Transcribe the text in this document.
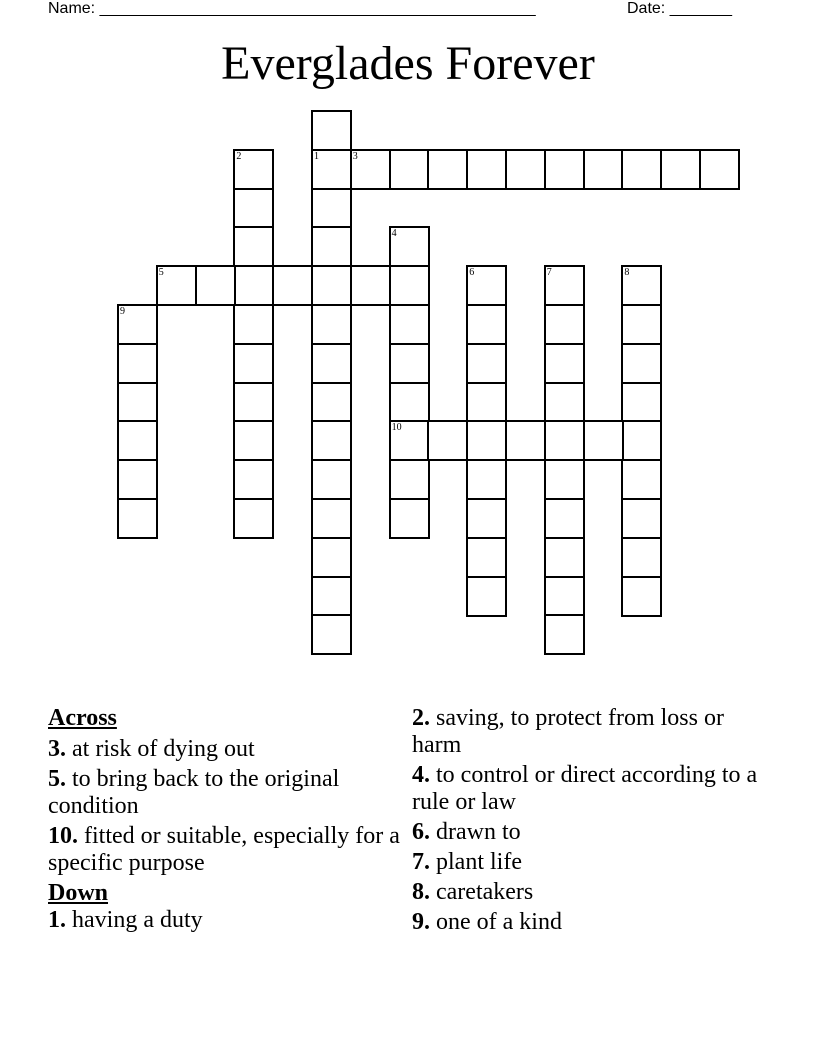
Name: _________________________________________________	Date: _______
Everglades Forever
1	3
2
4
5	6	7	8
9
10
Across
3. at risk of dying out
5. to bring back to the original condition
10. fitted or suitable, especially for a specific purpose
Down
1. having a duty
2. saving, to protect from loss or harm
4. to control or direct according to a rule or law
6. drawn to
7. plant life
8. caretakers
9. one of a kind
